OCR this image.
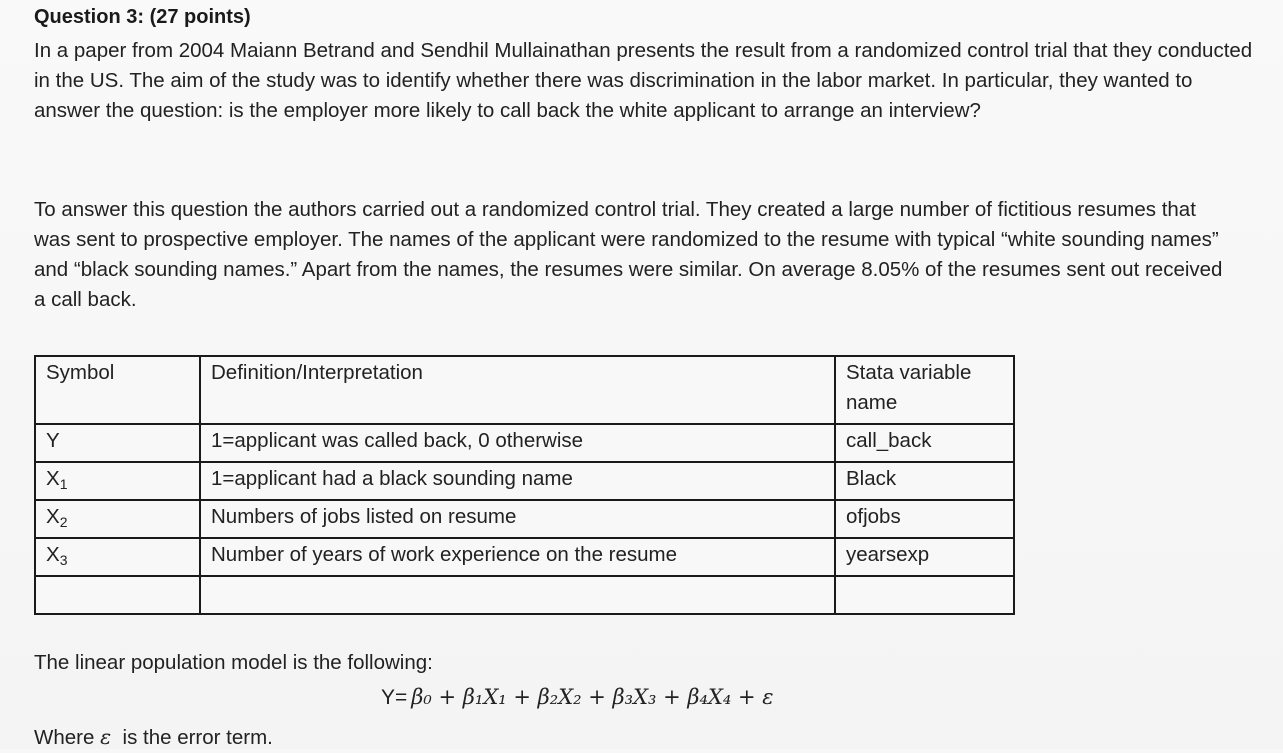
Question 3: (27 points)
In a paper from 2004 Maiann Betrand and Sendhil Mullainathan presents the result from a randomized control trial that they conducted in the US. The aim of the study was to identify whether there was discrimination in the labor market. In particular, they wanted to answer the question: is the employer more likely to call back the white applicant to arrange an interview?
To answer this question the authors carried out a randomized control trial. They created a large number of fictitious resumes that was sent to prospective employer. The names of the applicant were randomized to the resume with typical “white sounding names” and “black sounding names.” Apart from the names, the resumes were similar. On average 8.05% of the resumes sent out received a call back.
Symbol	Definition/Interpretation	Stata variable name
Y	1=applicant was called back, 0 otherwise	call_back
$X_1$	1=applicant had a black sounding name	Black
$X_2$	Numbers of jobs listed on resume	ofjobs
$X_3$	Number of years of work experience on the resume	yearsexp

The linear population model is the following:
Y= β₀ + β₁X₁ + β₂X₂ + β₃X₃ + β₄X₄ + ε
Where ε is the error term.
